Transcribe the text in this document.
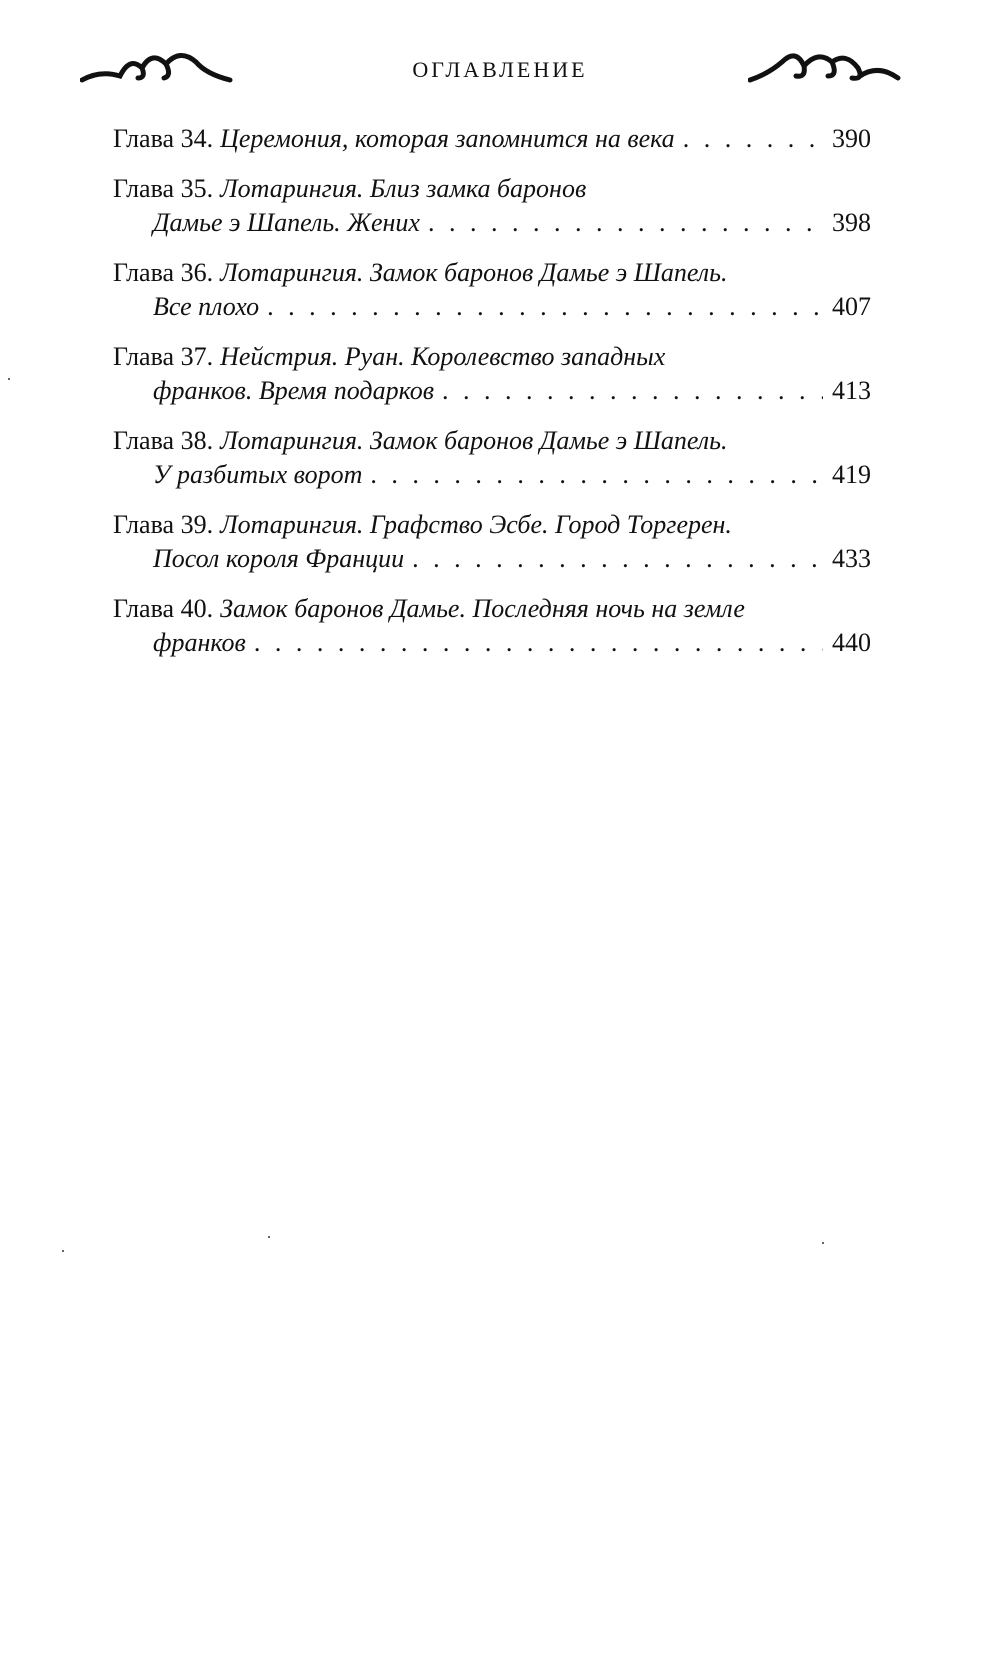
ОГЛАВЛЕНИЕ
Глава 34. Церемония, которая запомнится на века . . .	390
Глава 35. Лотарингия. Близ замка баронов
Дамье э Шапель. Жених . . .	398
Глава 36. Лотарингия. Замок баронов Дамье э Шапель.
Все плохо . . .	407
Глава 37. Нейстрия. Руан. Королевство западных
франков. Время подарков . . .	413
Глава 38. Лотарингия. Замок баронов Дамье э Шапель.
У разбитых ворот . . .	419
Глава 39. Лотарингия. Графство Эсбе. Город Торгерен.
Посол короля Франции . . .	433
Глава 40. Замок баронов Дамье. Последняя ночь на земле
франков . . .	440
